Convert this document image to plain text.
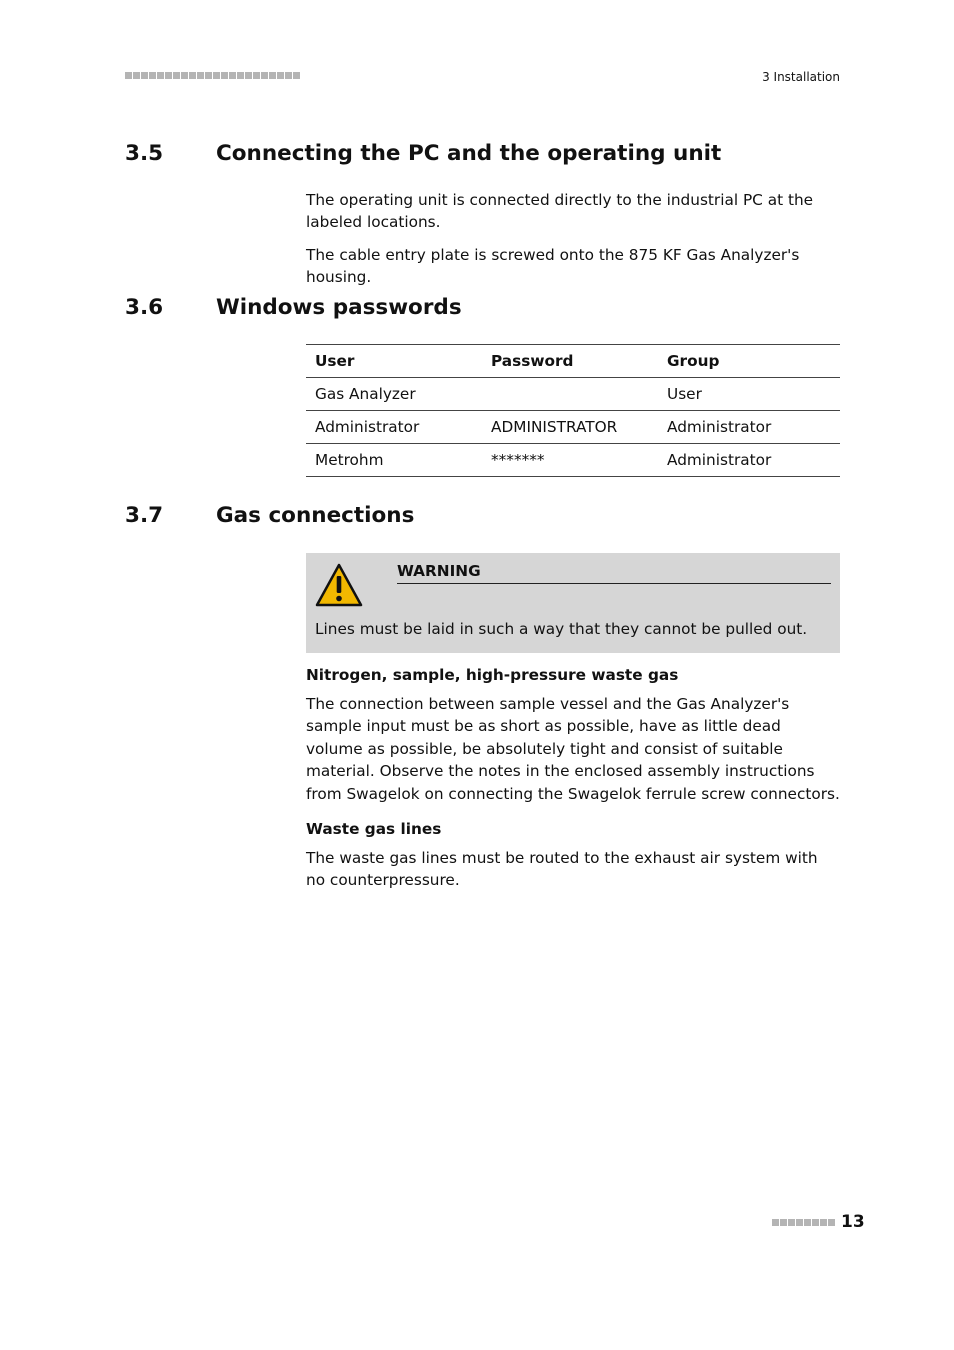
3 Installation
3.5 Connecting the PC and the operating unit
The operating unit is connected directly to the industrial PC at the labeled locations.
The cable entry plate is screwed onto the 875 KF Gas Analyzer's housing.
3.6 Windows passwords
User	Password	Group
Gas Analyzer		User
Administrator	ADMINISTRATOR	Administrator
Metrohm	*******	Administrator
3.7 Gas connections
WARNING
Lines must be laid in such a way that they cannot be pulled out.
Nitrogen, sample, high-pressure waste gas
The connection between sample vessel and the Gas Analyzer's sample input must be as short as possible, have as little dead volume as possible, be absolutely tight and consist of suitable material. Observe the notes in the enclosed assembly instructions from Swagelok on connecting the Swagelok ferrule screw connectors.
Waste gas lines
The waste gas lines must be routed to the exhaust air system with no counterpressure.
13
